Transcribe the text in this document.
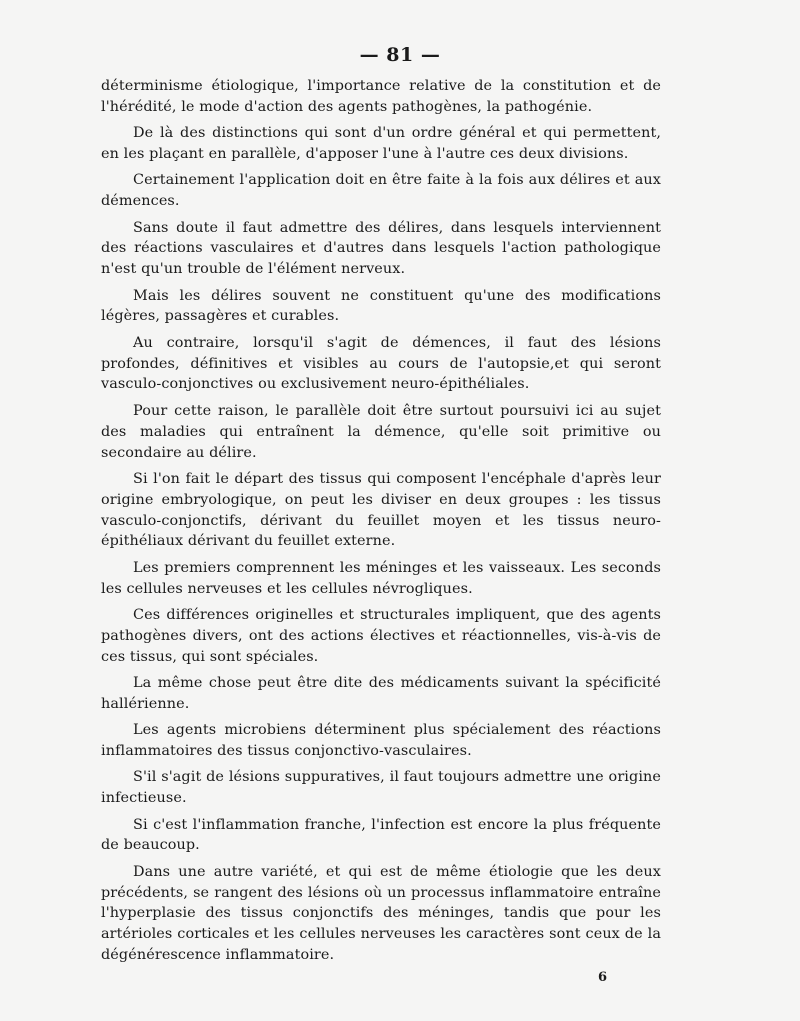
— 81 —

déterminisme étiologique, l'importance relative de la constitution et de l'hérédité, le mode d'action des agents pathogènes, la pathogénie.

De là des distinctions qui sont d'un ordre général et qui permettent, en les plaçant en parallèle, d'apposer l'une à l'autre ces deux divisions.

Certainement l'application doit en être faite à la fois aux délires et aux démences.

Sans doute il faut admettre des délires, dans lesquels interviennent des réactions vasculaires et d'autres dans lesquels l'action pathologique n'est qu'un trouble de l'élément nerveux.

Mais les délires souvent ne constituent qu'une des modifications légères, passagères et curables.

Au contraire, lorsqu'il s'agit de démences, il faut des lésions profondes, définitives et visibles au cours de l'autopsie,et qui seront vasculo-conjonctives ou exclusivement neuro-épithéliales.

Pour cette raison, le parallèle doit être surtout poursuivi ici au sujet des maladies qui entraînent la démence, qu'elle soit primitive ou secondaire au délire.

Si l'on fait le départ des tissus qui composent l'encéphale d'après leur origine embryologique, on peut les diviser en deux groupes : les tissus vasculo-conjonctifs, dérivant du feuillet moyen et les tissus neuro-épithéliaux dérivant du feuillet externe.

Les premiers comprennent les méninges et les vaisseaux. Les seconds les cellules nerveuses et les cellules névrogliques.

Ces différences originelles et structurales impliquent, que des agents pathogènes divers, ont des actions électives et réactionnelles, vis-à-vis de ces tissus, qui sont spéciales.

La même chose peut être dite des médicaments suivant la spécificité hallérienne.

Les agents microbiens déterminent plus spécialement des réactions inflammatoires des tissus conjonctivo-vasculaires.

S'il s'agit de lésions suppuratives, il faut toujours admettre une origine infectieuse.

Si c'est l'inflammation franche, l'infection est encore la plus fréquente de beaucoup.

Dans une autre variété, et qui est de même étiologie que les deux précédents, se rangent des lésions où un processus inflammatoire entraîne l'hyperplasie des tissus conjonctifs des méninges, tandis que pour les artérioles corticales et les cellules nerveuses les caractères sont ceux de la dégénérescence inflammatoire.

6
